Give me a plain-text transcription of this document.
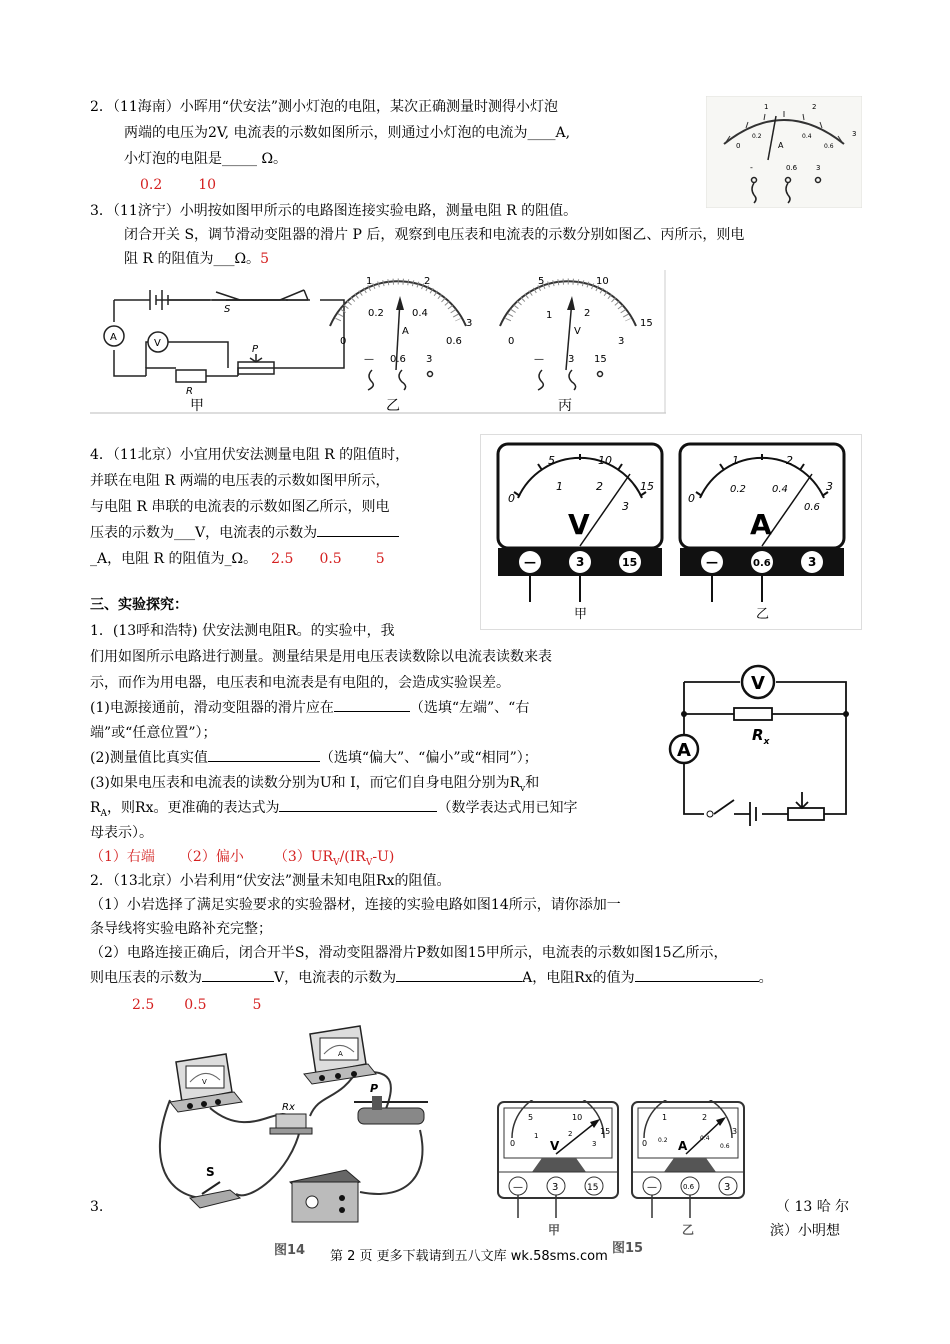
2．（11海南）小晖用“伏安法”测小灯泡的电阻，某次正确测量时测得小灯泡
两端的电压为2V, 电流表的示数如图所示，则通过小灯泡的电流为____A,
小灯泡的电阻是_____ Ω。
0.2	10
0
1	2
3
0.2	0.4
0.6
A
-	0.6	3
3．（11济宁）小明按如图甲所示的电路图连接实验电路，测量电阻 R 的阻值。
闭合开关 S，调节滑动变阻器的滑片 P 后，观察到电压表和电流表的示数分别如图乙、丙所示，则电
阻 R 的阻值为___Ω。5
A
V
S
R
P
甲
0
1	2
3
0.2	0.4
0.6
A
— 0.6 3
乙
0
5	10
15
1	2
3
V
— 3 15
丙
4．（11北京）小宜用伏安法测量电阻 R 的阻值时，
并联在电阻 R 两端的电压表的示数如图甲所示，
与电阻 R 串联的电流表的示数如图乙所示，则电
压表的示数为___V，电流表的示数为
_A，电阻 R 的阻值为_Ω。 2.5 0.5 5
0
5	10
15
1	2
3
V
—	3	15
甲
0
1	2
3
0.2	0.4
0.6
A
—	0.6	3
乙
三、实验探究：
1．(13呼和浩特) 伏安法测电阻R。的实验中，我
们用如图所示电路进行测量。测量结果是用电压表读数除以电流表读数来表
示，而作为用电器，电压表和电流表是有电阻的，会造成实验误差。
(1)电源接通前，滑动变阻器的滑片应在	（选填“左端”、“右
端”或“任意位置”）；
(2)测量值比真实值	（选填“偏大”、“偏小”或“相同”）；
(3)如果电压表和电流表的读数分别为U和 I，而它们自身电阻分别为$R_v$和
$R_A$，则Rx。更准确的表达式为	（数学表达式用已知字
母表示）。
（1）右端 （2）偏小 $(3)UR_V/(IR_V-U)$
V
A
$R_x$
2．（13北京）小岩利用“伏安法”测量未知电阻Rx的阻值。
（1）小岩选择了满足实验要求的实验器材，连接的实验电路如图14所示，请你添加一
条导线将实验电路补充完整；
（2）电路连接正确后，闭合开半S，滑动变阻器滑片P数如图15甲所示，电流表的示数如图15乙所示，
则电压表的示数为	V，电流表的示数为	A，电阻Rx的值为	。
2.5 0.5	5
V
A
Rx
P
S
图14
0
5	10
15
1	2
3
V
—	3	15
甲
0
1	2
3
0.2	0.4
0.6
A
—	0.6	3
乙
图15
3.	（ 13 哈 尔
滨）小明想
第 2 页 更多下载请到五八文库 wk.58sms.com
